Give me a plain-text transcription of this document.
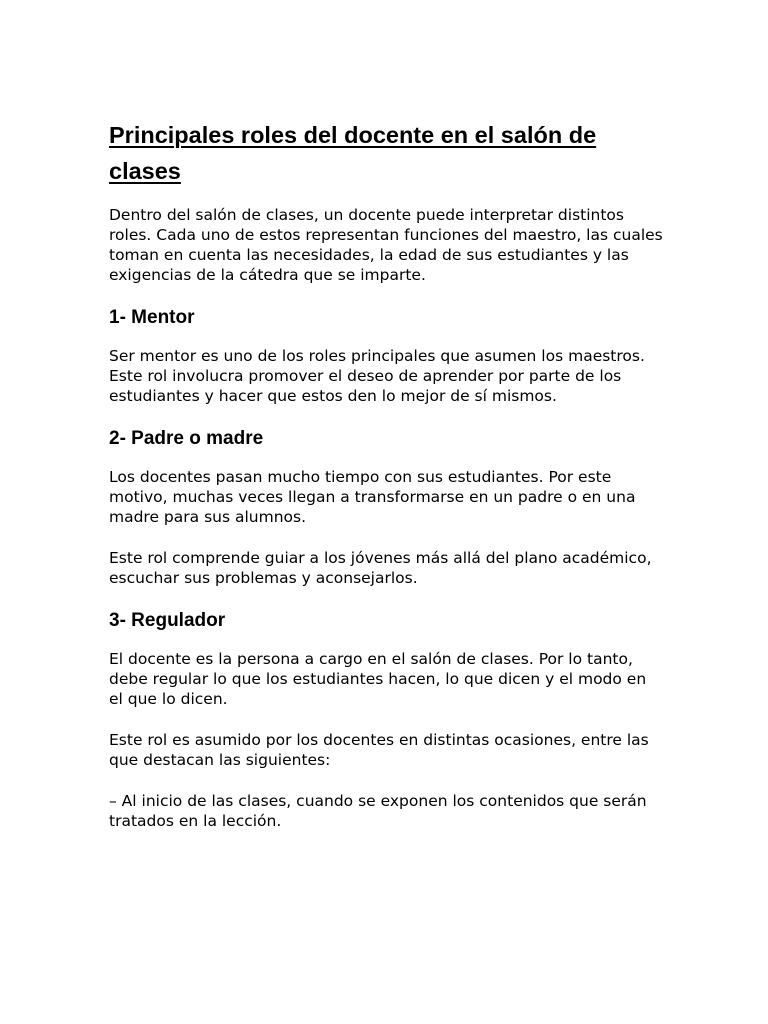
Principales roles del docente en el salón de clases

Dentro del salón de clases, un docente puede interpretar distintos roles. Cada uno de estos representan funciones del maestro, las cuales toman en cuenta las necesidades, la edad de sus estudiantes y las exigencias de la cátedra que se imparte.

1- Mentor

Ser mentor es uno de los roles principales que asumen los maestros. Este rol involucra promover el deseo de aprender por parte de los estudiantes y hacer que estos den lo mejor de sí mismos.

2- Padre o madre

Los docentes pasan mucho tiempo con sus estudiantes. Por este motivo, muchas veces llegan a transformarse en un padre o en una madre para sus alumnos.

Este rol comprende guiar a los jóvenes más allá del plano académico, escuchar sus problemas y aconsejarlos.

3- Regulador

El docente es la persona a cargo en el salón de clases. Por lo tanto, debe regular lo que los estudiantes hacen, lo que dicen y el modo en el que lo dicen.

Este rol es asumido por los docentes en distintas ocasiones, entre las que destacan las siguientes:

– Al inicio de las clases, cuando se exponen los contenidos que serán tratados en la lección.
